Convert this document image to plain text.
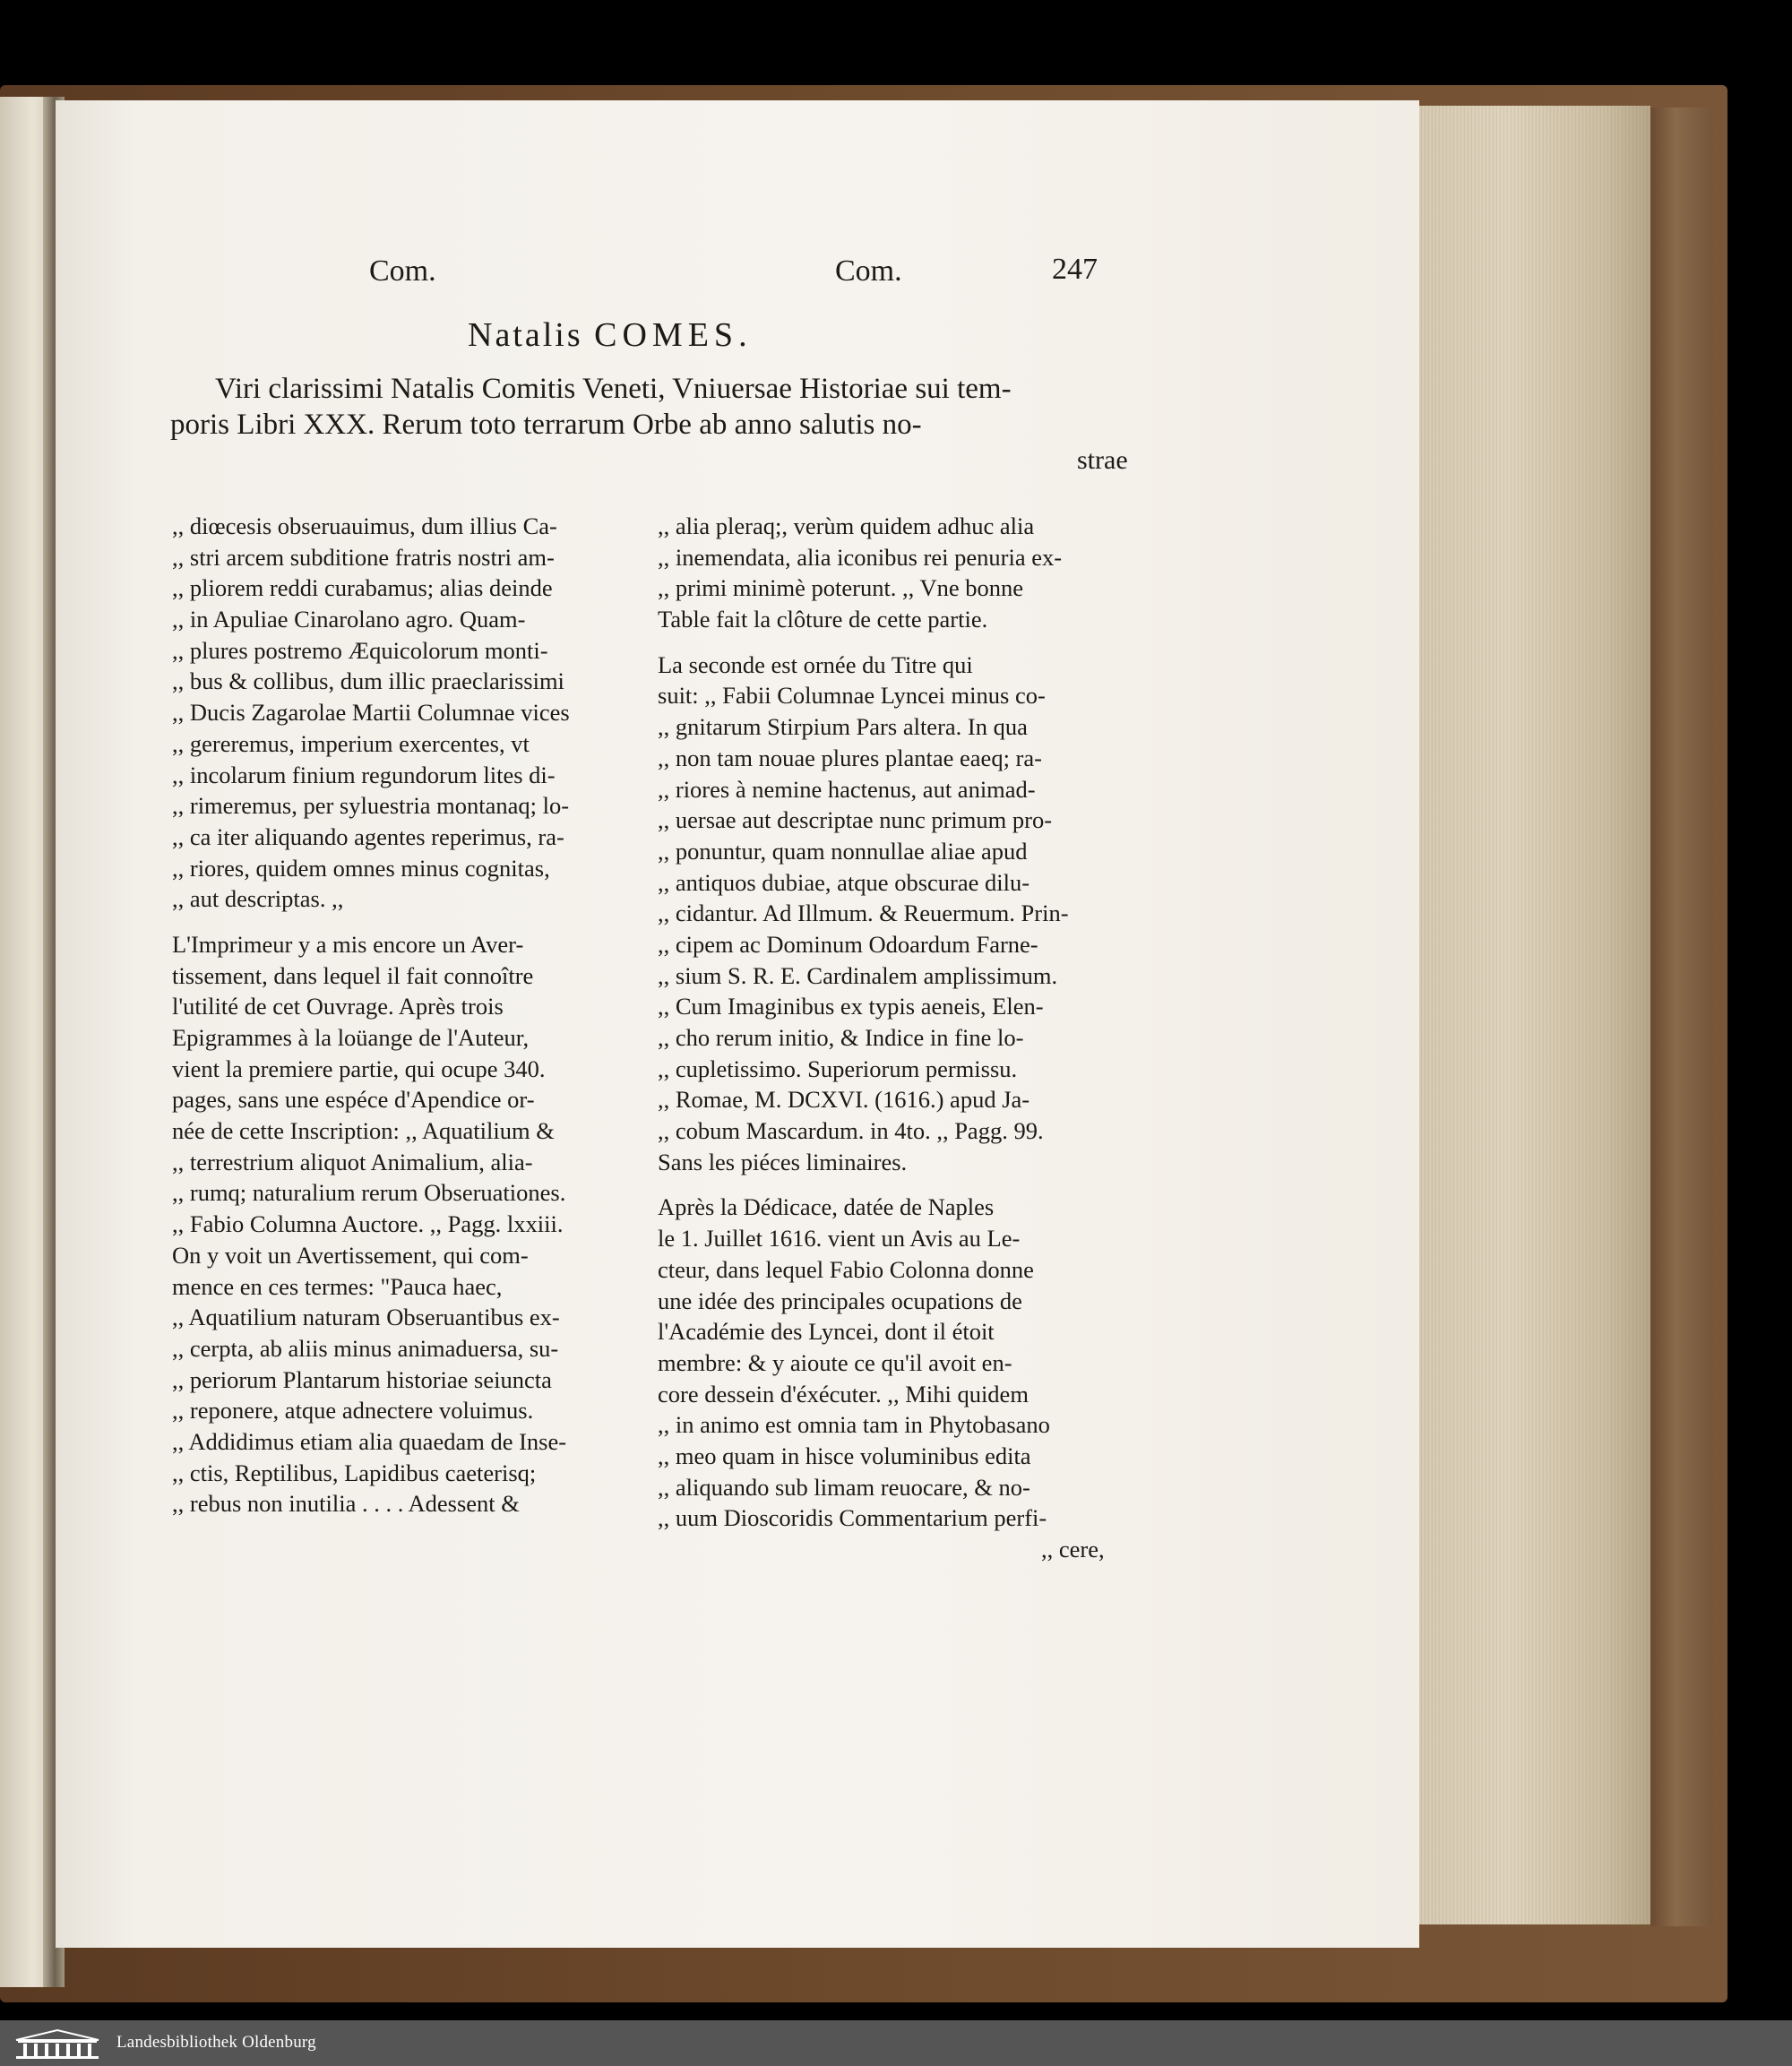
Com.	Com.	247
Natalis COMES.
Viri clarissimi Natalis Comitis Veneti, Vniuersae Historiae sui tem-
poris Libri XXX. Rerum toto terrarum Orbe ab anno salutis no-
strae
,, diœcesis obseruauimus, dum illius Ca-
,, stri arcem subditione fratris nostri am-
,, pliorem reddi curabamus; alias deinde
,, in Apuliae Cinarolano agro. Quam-
,, plures postremo Æquicolorum monti-
,, bus & collibus, dum illic praeclarissimi
,, Ducis Zagarolae Martii Columnae vices
,, gereremus, imperium exercentes, vt
,, incolarum finium regundorum lites di-
,, rimeremus, per syluestria montanaq; lo-
,, ca iter aliquando agentes reperimus, ra-
,, riores, quidem omnes minus cognitas,
,, aut descriptas. ,,
L'Imprimeur y a mis encore un Aver-
tissement, dans lequel il fait connoître
l'utilité de cet Ouvrage. Après trois
Epigrammes à la loüange de l'Auteur,
vient la premiere partie, qui ocupe 340.
pages, sans une espéce d'Apendice or-
née de cette Inscription: ,, Aquatilium &
,, terrestrium aliquot Animalium, alia-
,, rumq; naturalium rerum Obseruationes.
,, Fabio Columna Auctore. ,, Pagg. lxxiii.
On y voit un Avertissement, qui com-
mence en ces termes: "Pauca haec,
,, Aquatilium naturam Obseruantibus ex-
,, cerpta, ab aliis minus animaduersa, su-
,, periorum Plantarum historiae seiuncta
,, reponere, atque adnectere voluimus.
,, Addidimus etiam alia quaedam de Inse-
,, ctis, Reptilibus, Lapidibus caeterisq;
,, rebus non inutilia . . . . Adessent &
,, alia pleraq;, verùm quidem adhuc alia
,, inemendata, alia iconibus rei penuria ex-
,, primi minimè poterunt. ,, Vne bonne
Table fait la clôture de cette partie.
La seconde est ornée du Titre qui
suit: ,, Fabii Columnae Lyncei minus co-
,, gnitarum Stirpium Pars altera. In qua
,, non tam nouae plures plantae eaeq; ra-
,, riores à nemine hactenus, aut animad-
,, uersae aut descriptae nunc primum pro-
,, ponuntur, quam nonnullae aliae apud
,, antiquos dubiae, atque obscurae dilu-
,, cidantur. Ad Illmum. & Reuermum. Prin-
,, cipem ac Dominum Odoardum Farne-
,, sium S. R. E. Cardinalem amplissimum.
,, Cum Imaginibus ex typis aeneis, Elen-
,, cho rerum initio, & Indice in fine lo-
,, cupletissimo. Superiorum permissu.
,, Romae, M. DCXVI. (1616.) apud Ja-
,, cobum Mascardum. in 4to. ,, Pagg. 99.
Sans les piéces liminaires.
Après la Dédicace, datée de Naples
le 1. Juillet 1616. vient un Avis au Le-
cteur, dans lequel Fabio Colonna donne
une idée des principales ocupations de
l'Académie des Lyncei, dont il étoit
membre: & y aioute ce qu'il avoit en-
core dessein d'éxécuter. ,, Mihi quidem
,, in animo est omnia tam in Phytobasano
,, meo quam in hisce voluminibus edita
,, aliquando sub limam reuocare, & no-
,, uum Dioscoridis Commentarium perfi-
,, cere,
Landesbibliothek Oldenburg
